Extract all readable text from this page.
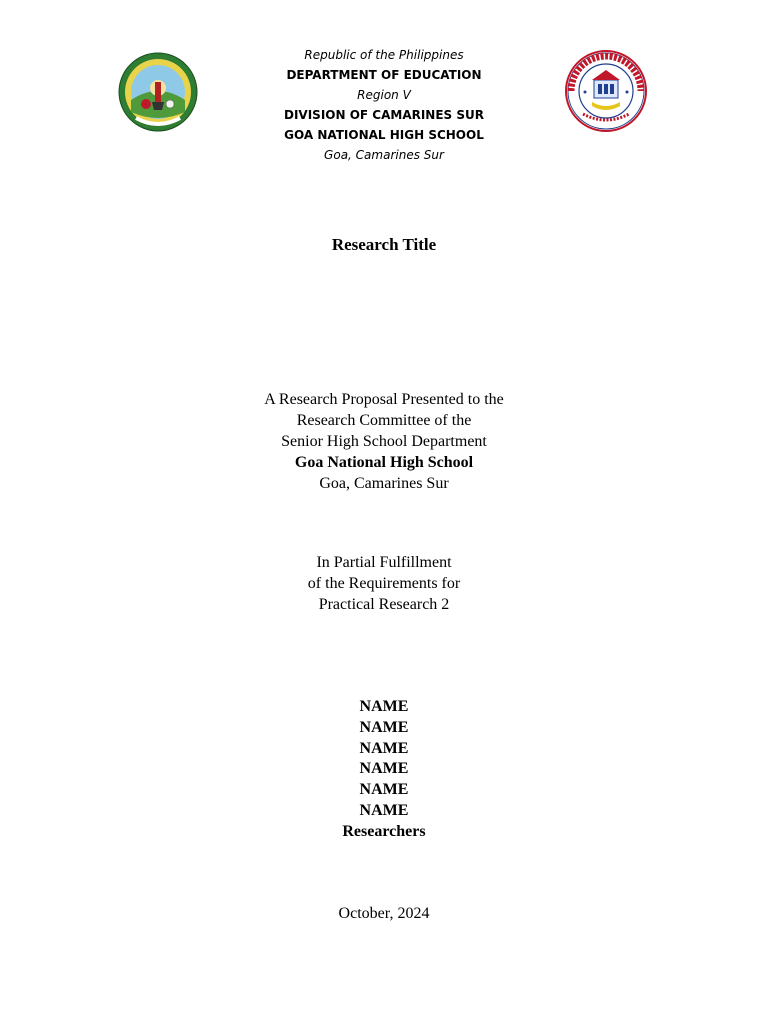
Republic of the Philippines
DEPARTMENT OF EDUCATION
Region V
DIVISION OF CAMARINES SUR
GOA NATIONAL HIGH SCHOOL
Goa, Camarines Sur
Research Title
A Research Proposal Presented to the
Research Committee of the
Senior High School Department
Goa National High School
Goa, Camarines Sur
In Partial Fulfillment
of the Requirements for
Practical Research 2
NAME
NAME
NAME
NAME
NAME
NAME
Researchers
October, 2024
